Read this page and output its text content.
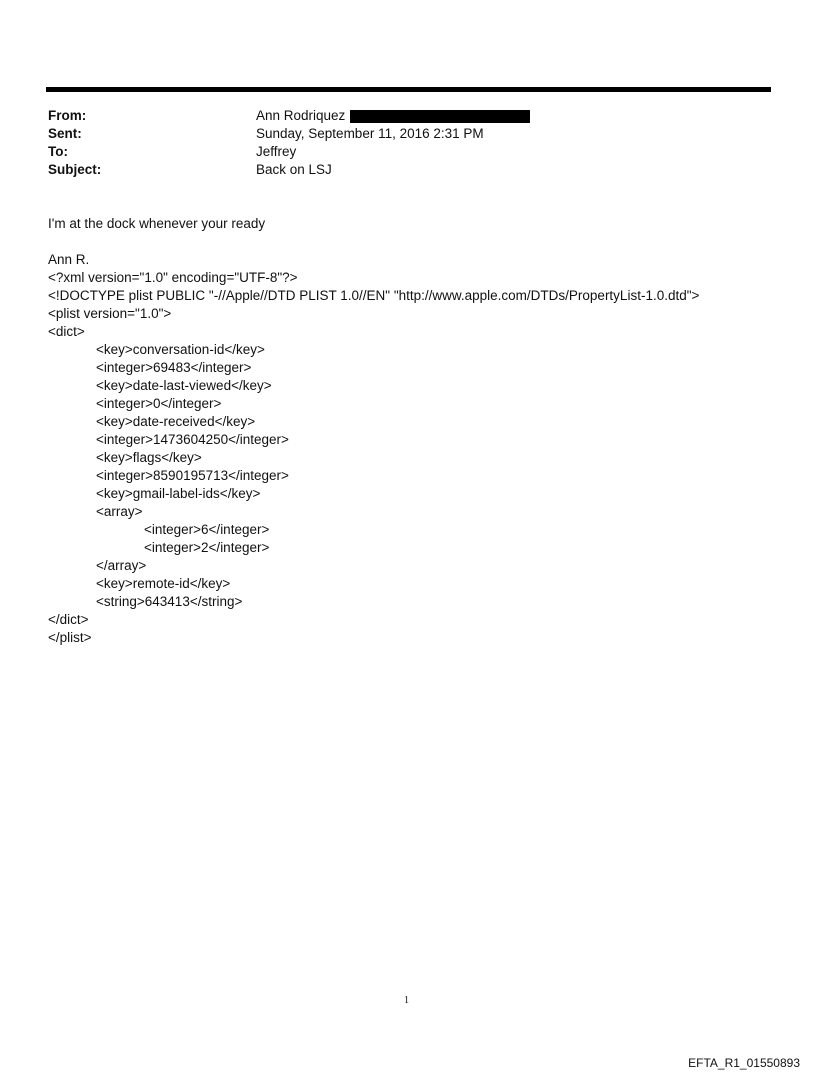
From:	Ann Rodriquez
Sent:	Sunday, September 11, 2016 2:31 PM
To:	Jeffrey
Subject:	Back on LSJ
I'm at the dock whenever your ready
Ann R.
<?xml version="1.0" encoding="UTF-8"?>
<!DOCTYPE plist PUBLIC "-//Apple//DTD PLIST 1.0//EN" "http://www.apple.com/DTDs/PropertyList-1.0.dtd">
<plist version="1.0">
<dict>
<key>conversation-id</key>
<integer>69483</integer>
<key>date-last-viewed</key>
<integer>0</integer>
<key>date-received</key>
<integer>1473604250</integer>
<key>flags</key>
<integer>8590195713</integer>
<key>gmail-label-ids</key>
<array>
<integer>6</integer>
<integer>2</integer>
</array>
<key>remote-id</key>
<string>643413</string>
</dict>
</plist>
1
EFTA_R1_01550893
